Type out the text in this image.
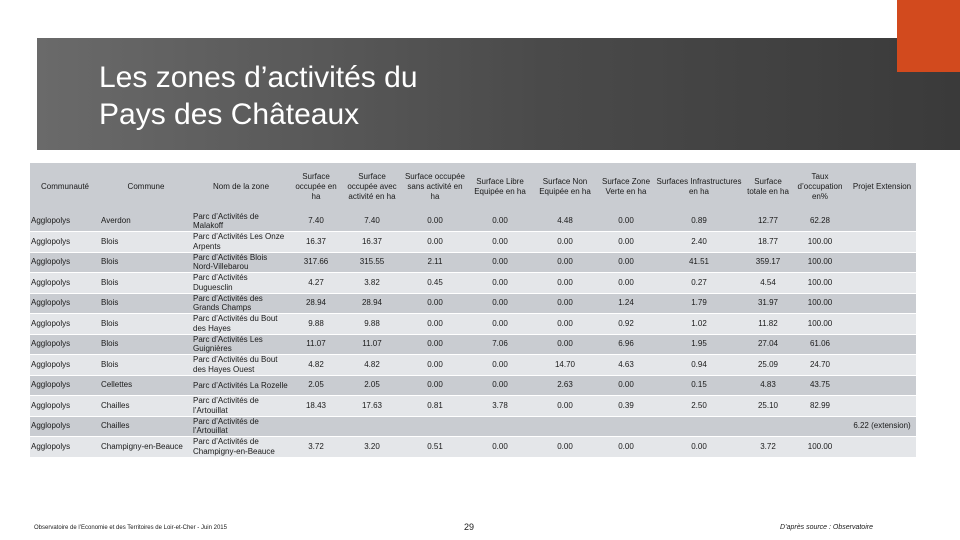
Les zones d’activités du
Pays des Châteaux
Communauté	Commune	Nom de la zone	Surface occupée en ha	Surface occupée avec activité en ha	Surface occupée sans activité en ha	Surface Libre Equipée en ha	Surface Non Equipée en ha	Surface Zone Verte en ha	Surfaces Infrastructures en ha	Surface totale en ha	Taux d’occupation en%	Projet Extension
Agglopolys	Averdon	Parc d’Activités de Malakoff	7.40	7.40	0.00	0.00	4.48	0.00	0.89	12.77	62.28	
Agglopolys	Blois	Parc d’Activités Les Onze Arpents	16.37	16.37	0.00	0.00	0.00	0.00	2.40	18.77	100.00	
Agglopolys	Blois	Parc d’Activités Blois Nord-Villebarou	317.66	315.55	2.11	0.00	0.00	0.00	41.51	359.17	100.00	
Agglopolys	Blois	Parc d’Activités Duguesclin	4.27	3.82	0.45	0.00	0.00	0.00	0.27	4.54	100.00	
Agglopolys	Blois	Parc d’Activités des Grands Champs	28.94	28.94	0.00	0.00	0.00	1.24	1.79	31.97	100.00	
Agglopolys	Blois	Parc d’Activités du Bout des Hayes	9.88	9.88	0.00	0.00	0.00	0.92	1.02	11.82	100.00	
Agglopolys	Blois	Parc d’Activités Les Guignières	11.07	11.07	0.00	7.06	0.00	6.96	1.95	27.04	61.06	
Agglopolys	Blois	Parc d’Activités du Bout des Hayes Ouest	4.82	4.82	0.00	0.00	14.70	4.63	0.94	25.09	24.70	
Agglopolys	Cellettes	Parc d’Activités La Rozelle	2.05	2.05	0.00	0.00	2.63	0.00	0.15	4.83	43.75	
Agglopolys	Chailles	Parc d’Activités de l’Artouillat	18.43	17.63	0.81	3.78	0.00	0.39	2.50	25.10	82.99	
Agglopolys	Chailles	Parc d’Activités de l’Artouillat										6.22 (extension)
Agglopolys	Champigny-en-Beauce	Parc d’Activités de Champigny-en-Beauce	3.72	3.20	0.51	0.00	0.00	0.00	0.00	3.72	100.00	
29
Observatoire de l’Economie et des Territoires de Loir-et-Cher - Juin 2015	D’après source : Observatoire
